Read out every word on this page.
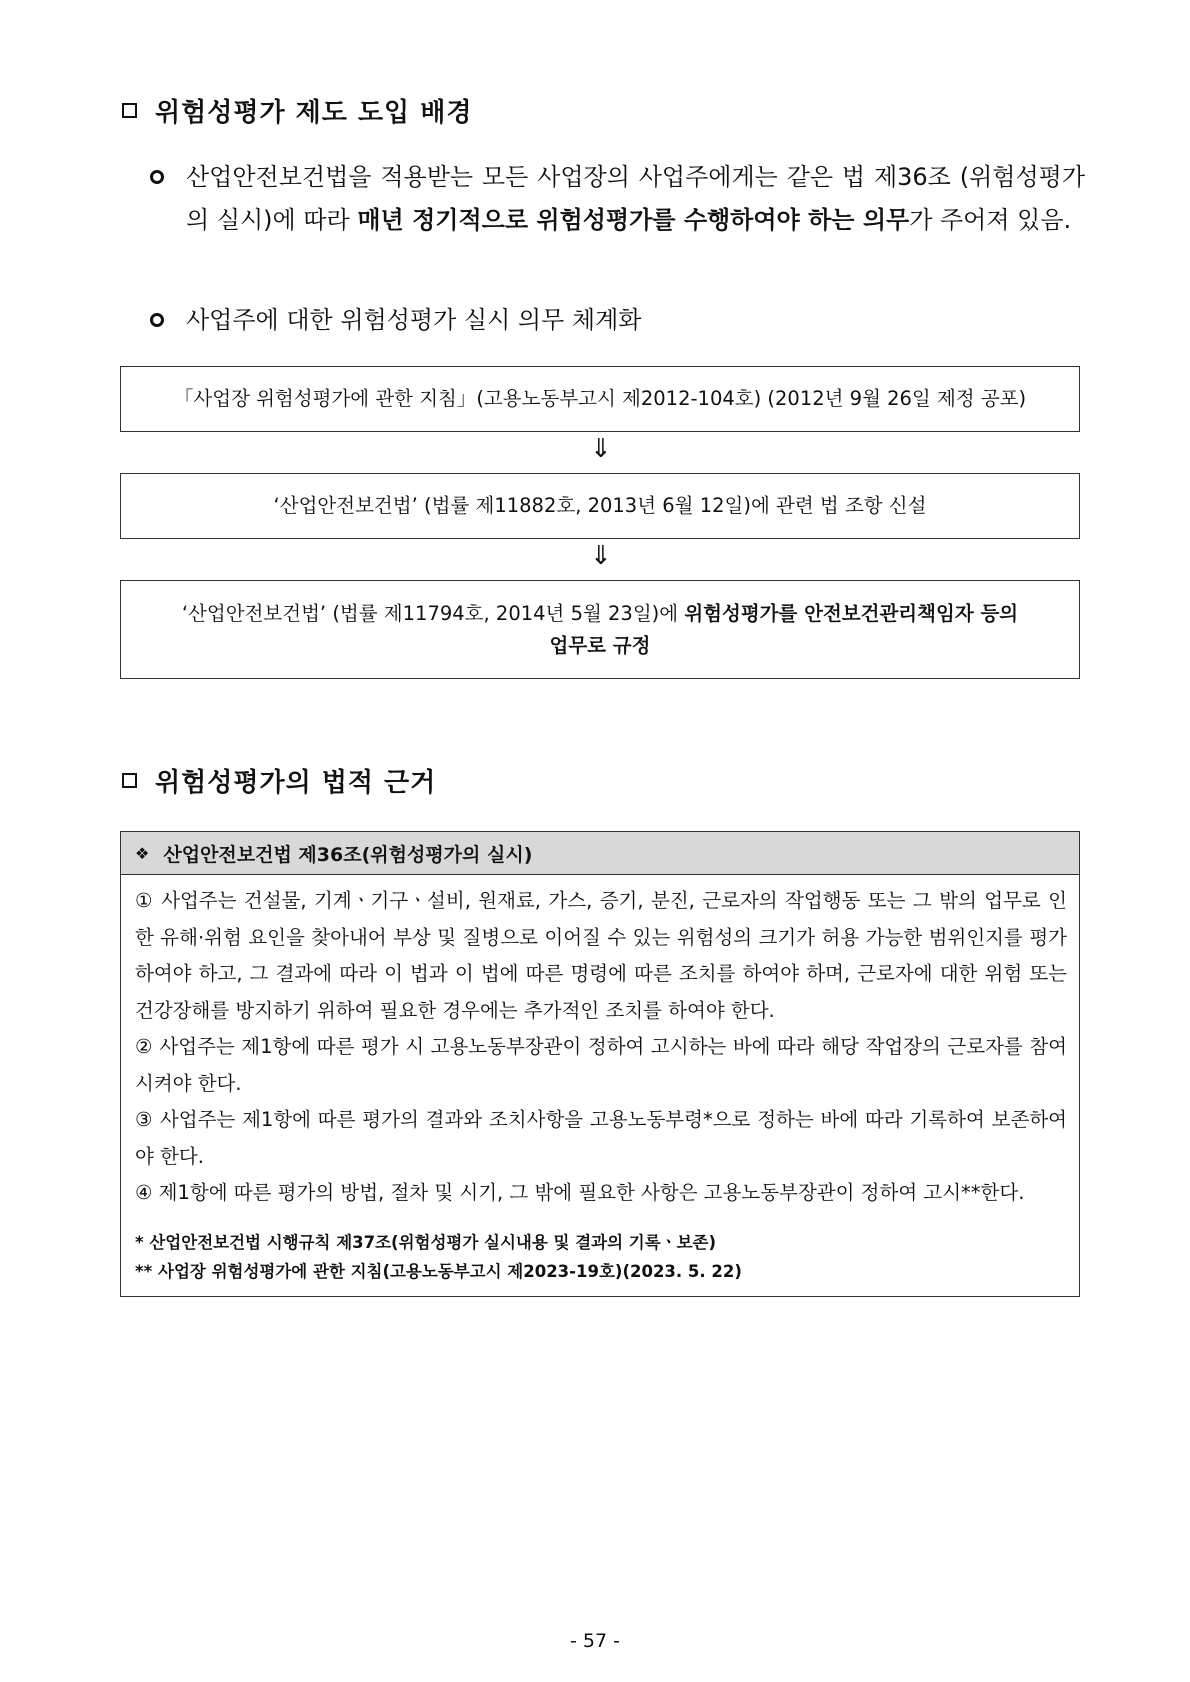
위험성평가 제도 도입 배경
산업안전보건법을 적용받는 모든 사업장의 사업주에게는 같은 법 제36조 (위험성평가의 실시)에 따라 매년 정기적으로 위험성평가를 수행하여야 하는 의무가 주어져 있음.
사업주에 대한 위험성평가 실시 의무 체계화
「사업장 위험성평가에 관한 지침」(고용노동부고시 제2012-104호) (2012년 9월 26일 제정 공포)
⇓
‘산업안전보건법’ (법률 제11882호, 2013년 6월 12일)에 관련 법 조항 신설
⇓
‘산업안전보건법’ (법률 제11794호, 2014년 5월 23일)에 위험성평가를 안전보건관리책임자 등의
업무로 규정
위험성평가의 법적 근거
❖ 산업안전보건법 제36조(위험성평가의 실시)

① 사업주는 건설물, 기계ㆍ기구ㆍ설비, 원재료, 가스, 증기, 분진, 근로자의 작업행동 또는 그 밖의 업무로 인한 유해·위험 요인을 찾아내어 부상 및 질병으로 이어질 수 있는 위험성의 크기가 허용 가능한 범위인지를 평가하여야 하고, 그 결과에 따라 이 법과 이 법에 따른 명령에 따른 조치를 하여야 하며, 근로자에 대한 위험 또는 건강장해를 방지하기 위하여 필요한 경우에는 추가적인 조치를 하여야 한다.

② 사업주는 제1항에 따른 평가 시 고용노동부장관이 정하여 고시하는 바에 따라 해당 작업장의 근로자를 참여시켜야 한다.

③ 사업주는 제1항에 따른 평가의 결과와 조치사항을 고용노동부령*으로 정하는 바에 따라 기록하여 보존하여야 한다.

④ 제1항에 따른 평가의 방법, 절차 및 시기, 그 밖에 필요한 사항은 고용노동부장관이 정하여 고시**한다.

* 산업안전보건법 시행규칙 제37조(위험성평가 실시내용 및 결과의 기록ㆍ보존)
** 사업장 위험성평가에 관한 지침(고용노동부고시 제2023-19호)(2023. 5. 22)
- 57 -
